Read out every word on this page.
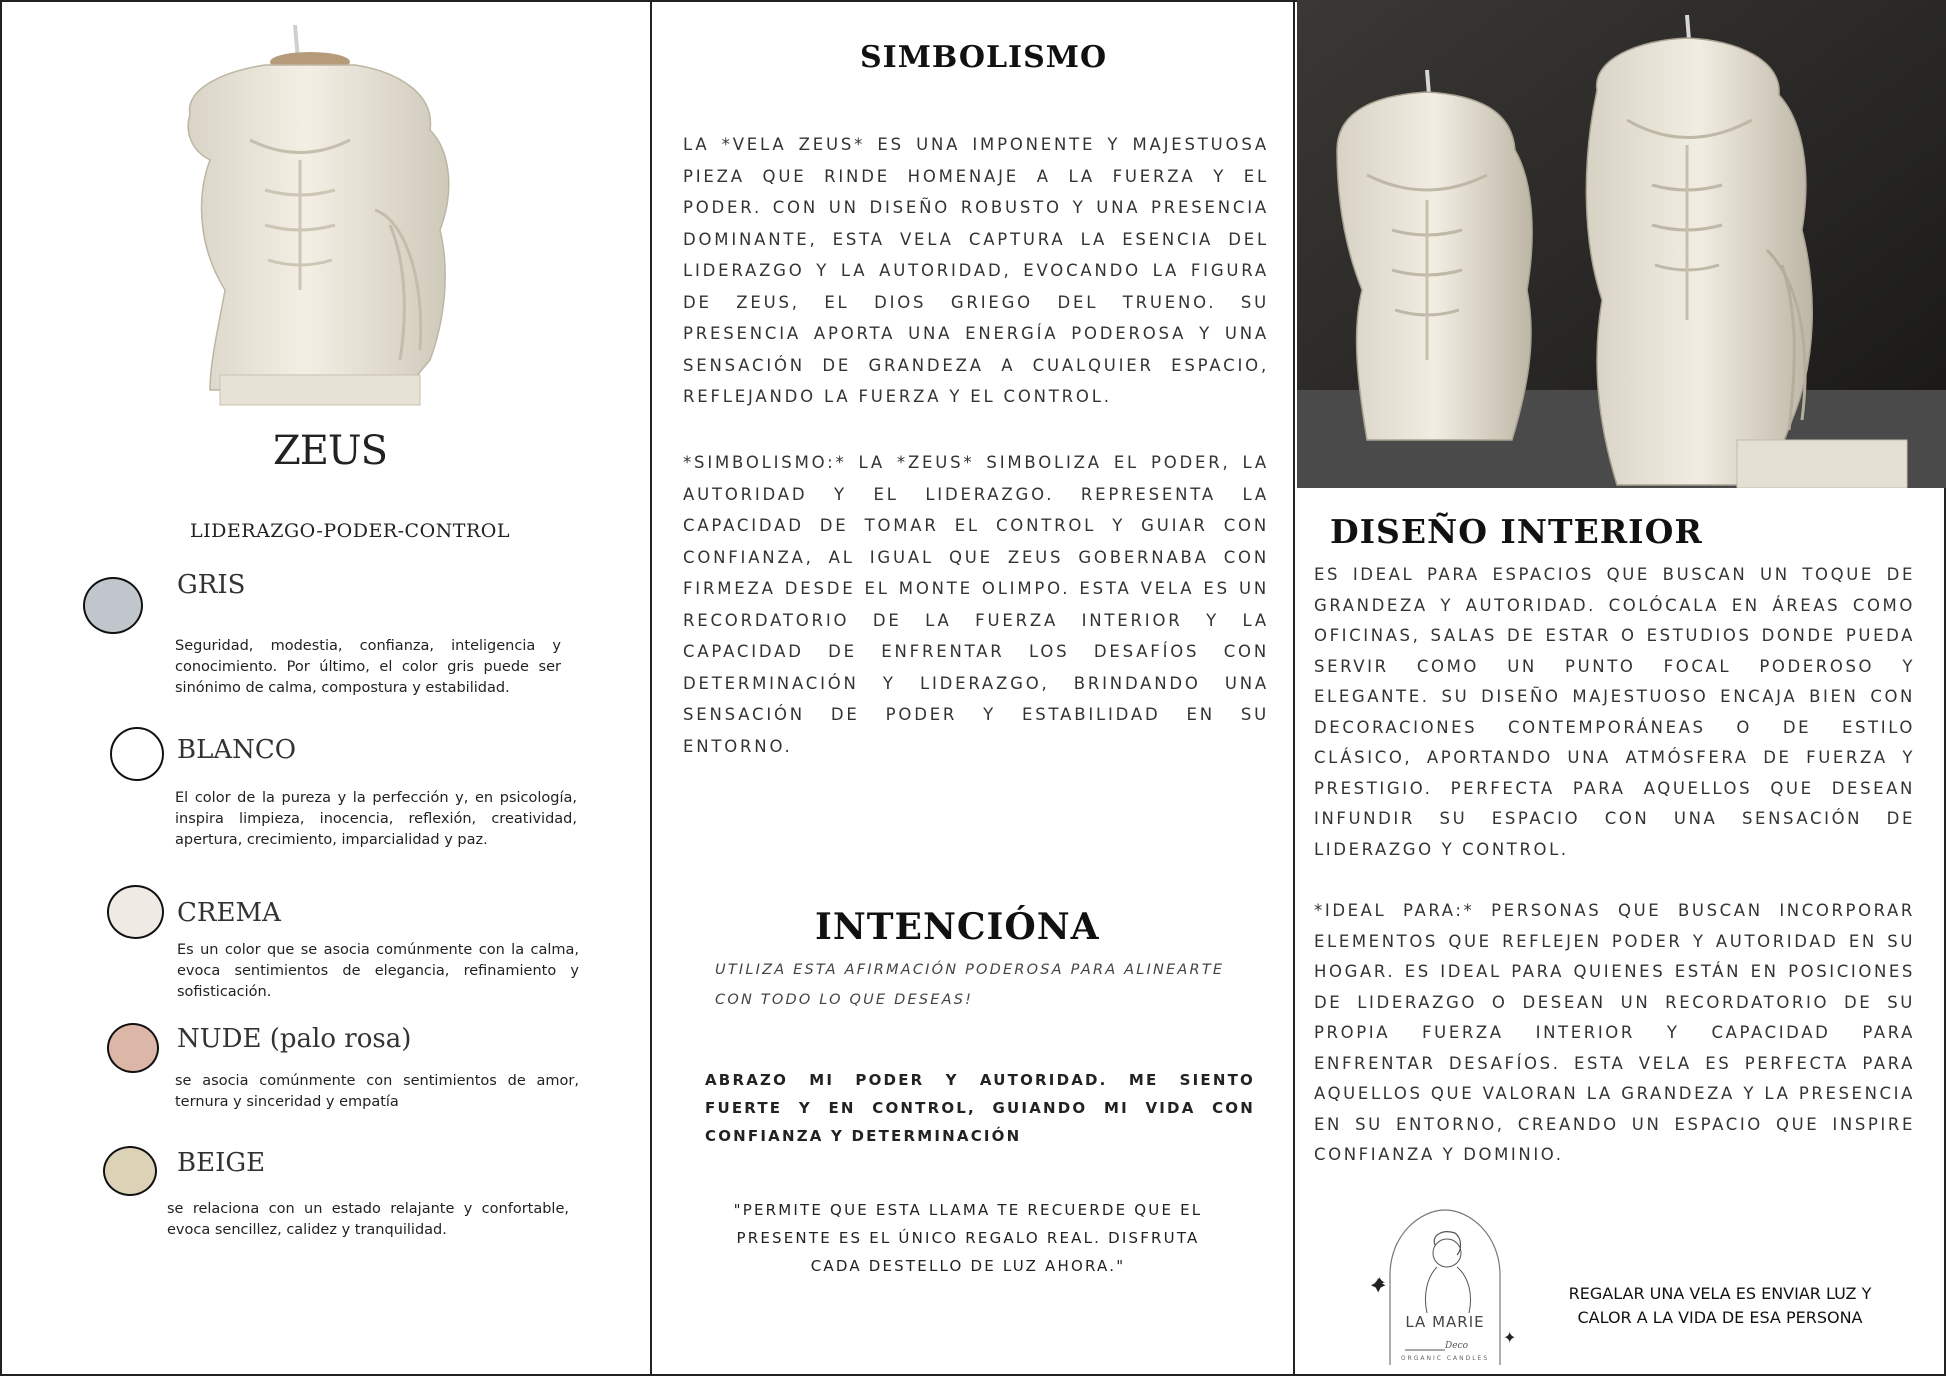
ZEUS
LIDERAZGO-PODER-CONTROL
GRIS
Seguridad, modestia, confianza, inteligencia y conocimiento. Por último, el color gris puede ser sinónimo de calma, compostura y estabilidad.
BLANCO
El color de la pureza y la perfección y, en psicología, inspira limpieza, inocencia, reflexión, creatividad, apertura, crecimiento, imparcialidad y paz.
CREMA
Es un color que se asocia comúnmente con la calma, evoca sentimientos de elegancia, refinamiento y sofisticación.
NUDE (palo rosa)
se asocia comúnmente con sentimientos de amor, ternura y sinceridad y empatía
BEIGE
se relaciona con un estado relajante y confortable, evoca sencillez, calidez y tranquilidad.
SIMBOLISMO
LA *VELA ZEUS* ES UNA IMPONENTE Y MAJESTUOSA PIEZA QUE RINDE HOMENAJE A LA FUERZA Y EL PODER. CON UN DISEÑO ROBUSTO Y UNA PRESENCIA DOMINANTE, ESTA VELA CAPTURA LA ESENCIA DEL LIDERAZGO Y LA AUTORIDAD, EVOCANDO LA FIGURA DE ZEUS, EL DIOS GRIEGO DEL TRUENO. SU PRESENCIA APORTA UNA ENERGÍA PODEROSA Y UNA SENSACIÓN DE GRANDEZA A CUALQUIER ESPACIO, REFLEJANDO LA FUERZA Y EL CONTROL.
*SIMBOLISMO:* LA *ZEUS* SIMBOLIZA EL PODER, LA AUTORIDAD Y EL LIDERAZGO. REPRESENTA LA CAPACIDAD DE TOMAR EL CONTROL Y GUIAR CON CONFIANZA, AL IGUAL QUE ZEUS GOBERNABA CON FIRMEZA DESDE EL MONTE OLIMPO. ESTA VELA ES UN RECORDATORIO DE LA FUERZA INTERIOR Y LA CAPACIDAD DE ENFRENTAR LOS DESAFÍOS CON DETERMINACIÓN Y LIDERAZGO, BRINDANDO UNA SENSACIÓN DE PODER Y ESTABILIDAD EN SU ENTORNO.
INTENCIÓNA
UTILIZA ESTA AFIRMACIÓN PODEROSA PARA ALINEARTE CON TODO LO QUE DESEAS!
ABRAZO MI PODER Y AUTORIDAD. ME SIENTO FUERTE Y EN CONTROL, GUIANDO MI VIDA CON CONFIANZA Y DETERMINACIÓN
"PERMITE QUE ESTA LLAMA TE RECUERDE QUE EL PRESENTE ES EL ÚNICO REGALO REAL. DISFRUTA CADA DESTELLO DE LUZ AHORA."
DISEÑO INTERIOR
ES IDEAL PARA ESPACIOS QUE BUSCAN UN TOQUE DE GRANDEZA Y AUTORIDAD. COLÓCALA EN ÁREAS COMO OFICINAS, SALAS DE ESTAR O ESTUDIOS DONDE PUEDA SERVIR COMO UN PUNTO FOCAL PODEROSO Y ELEGANTE. SU DISEÑO MAJESTUOSO ENCAJA BIEN CON DECORACIONES CONTEMPORÁNEAS O DE ESTILO CLÁSICO, APORTANDO UNA ATMÓSFERA DE FUERZA Y PRESTIGIO. PERFECTA PARA AQUELLOS QUE DESEAN INFUNDIR SU ESPACIO CON UNA SENSACIÓN DE LIDERAZGO Y CONTROL.
*IDEAL PARA:* PERSONAS QUE BUSCAN INCORPORAR ELEMENTOS QUE REFLEJEN PODER Y AUTORIDAD EN SU HOGAR. ES IDEAL PARA QUIENES ESTÁN EN POSICIONES DE LIDERAZGO O DESEAN UN RECORDATORIO DE SU PROPIA FUERZA INTERIOR Y CAPACIDAD PARA ENFRENTAR DESAFÍOS. ESTA VELA ES PERFECTA PARA AQUELLOS QUE VALORAN LA GRANDEZA Y LA PRESENCIA EN SU ENTORNO, CREANDO UN ESPACIO QUE INSPIRE CONFIANZA Y DOMINIO.
✦
✦
LA MARIE
Deco
ORGANIC CANDLES
REGALAR UNA VELA ES ENVIAR LUZ Y CALOR A LA VIDA DE ESA PERSONA
